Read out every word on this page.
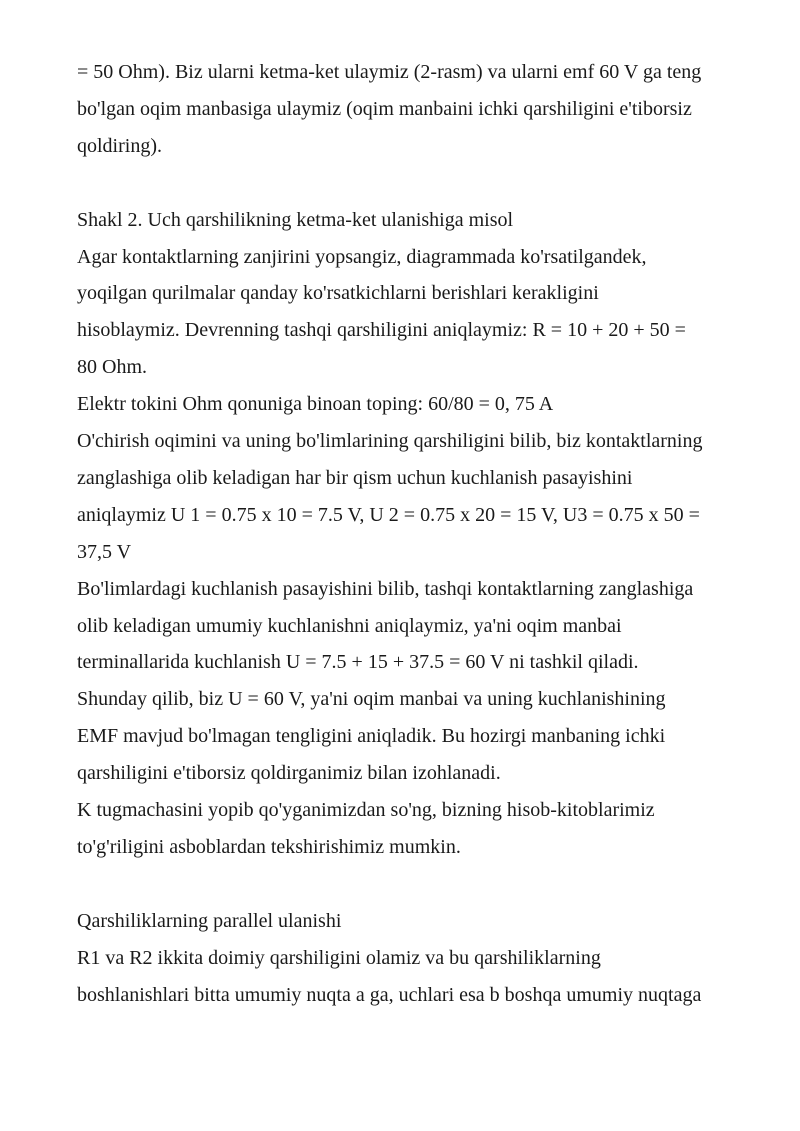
= 50 Ohm). Biz ularni ketma-ket ulaymiz (2-rasm) va ularni emf 60 V ga teng

bo'lgan oqim manbasiga ulaymiz (oqim manbaini ichki qarshiligini e'tiborsiz

qoldiring).

Shakl 2. Uch qarshilikning ketma-ket ulanishiga misol

Agar kontaktlarning zanjirini yopsangiz, diagrammada ko'rsatilgandek,

yoqilgan qurilmalar qanday ko'rsatkichlarni berishlari kerakligini

hisoblaymiz. Devrenning tashqi qarshiligini aniqlaymiz: R = 10 + 20 + 50 =

80 Ohm.

Elektr tokini Ohm qonuniga binoan toping: 60/80 = 0, 75 A

O'chirish oqimini va uning bo'limlarining qarshiligini bilib, biz kontaktlarning

zanglashiga olib keladigan har bir qism uchun kuchlanish pasayishini

aniqlaymiz U 1 = 0.75 x 10 = 7.5 V, U 2 = 0.75 x 20 = 15 V, U3 = 0.75 x 50 =

37,5 V

Bo'limlardagi kuchlanish pasayishini bilib, tashqi kontaktlarning zanglashiga

olib keladigan umumiy kuchlanishni aniqlaymiz, ya'ni oqim manbai

terminallarida kuchlanish U = 7.5 + 15 + 37.5 = 60 V ni tashkil qiladi.

Shunday qilib, biz U = 60 V, ya'ni oqim manbai va uning kuchlanishining

EMF mavjud bo'lmagan tengligini aniqladik. Bu hozirgi manbaning ichki

qarshiligini e'tiborsiz qoldirganimiz bilan izohlanadi.

K tugmachasini yopib qo'yganimizdan so'ng, bizning hisob-kitoblarimiz

to'g'riligini asboblardan tekshirishimiz mumkin.

Qarshiliklarning parallel ulanishi

R1 va R2 ikkita doimiy qarshiligini olamiz va bu qarshiliklarning

boshlanishlari bitta umumiy nuqta a ga, uchlari esa b boshqa umumiy nuqtaga
